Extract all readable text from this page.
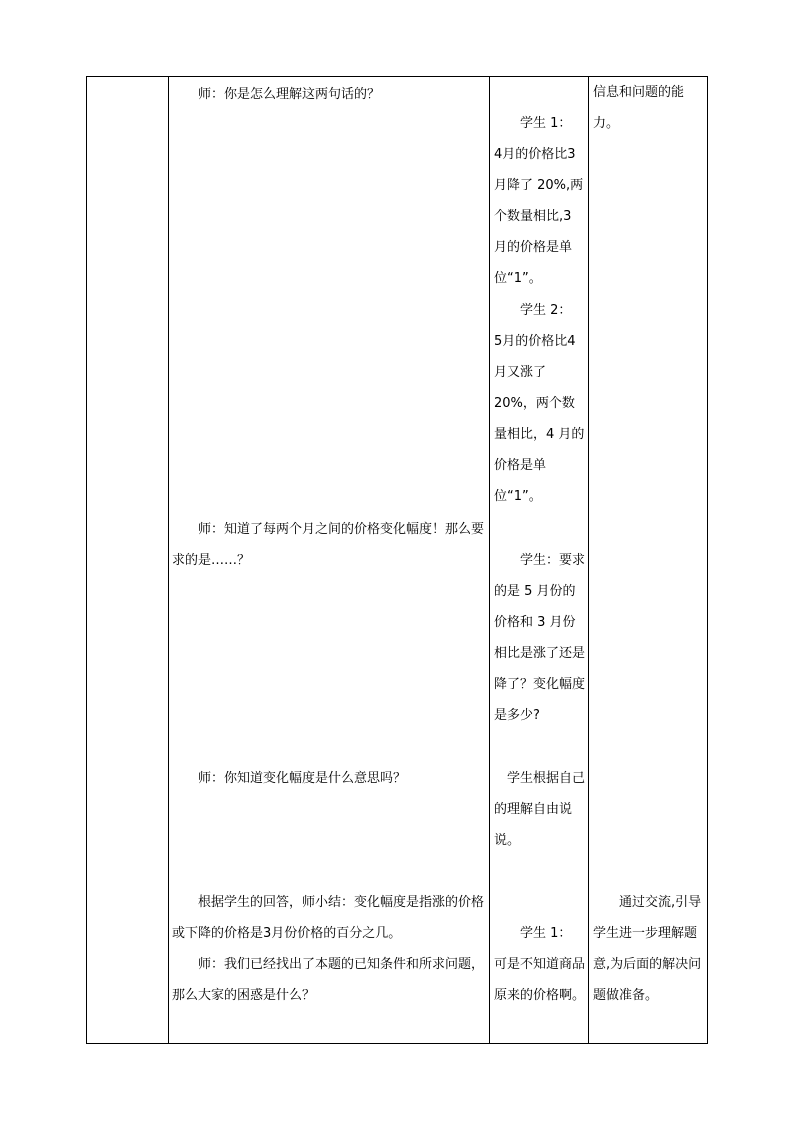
师：你是怎么理解这两句话的？

师：知道了每两个月之间的价格变化幅度！那么要求的是……？

师：你知道变化幅度是什么意思吗？

根据学生的回答，师小结：变化幅度是指涨的价格或下降的价格是3月份价格的百分之几。

师：我们已经找出了本题的已知条件和所求问题，那么大家的困惑是什么？

学生 1：

4月的价格比3月降了 20%,两个数量相比,3 月的价格是单位“1”。

学生 2：

5月的价格比4 月又涨了20%，两个数量相比，4 月的价格是单位“1”。

学生：要求的是 5 月份的价格和 3 月份相比是涨了还是降了？变化幅度是多少?

学生根据自己的理解自由说说。

学生 1：

可是不知道商品原来的价格啊。

信息和问题的能力。

通过交流,引导学生进一步理解题意,为后面的解决问题做准备。
